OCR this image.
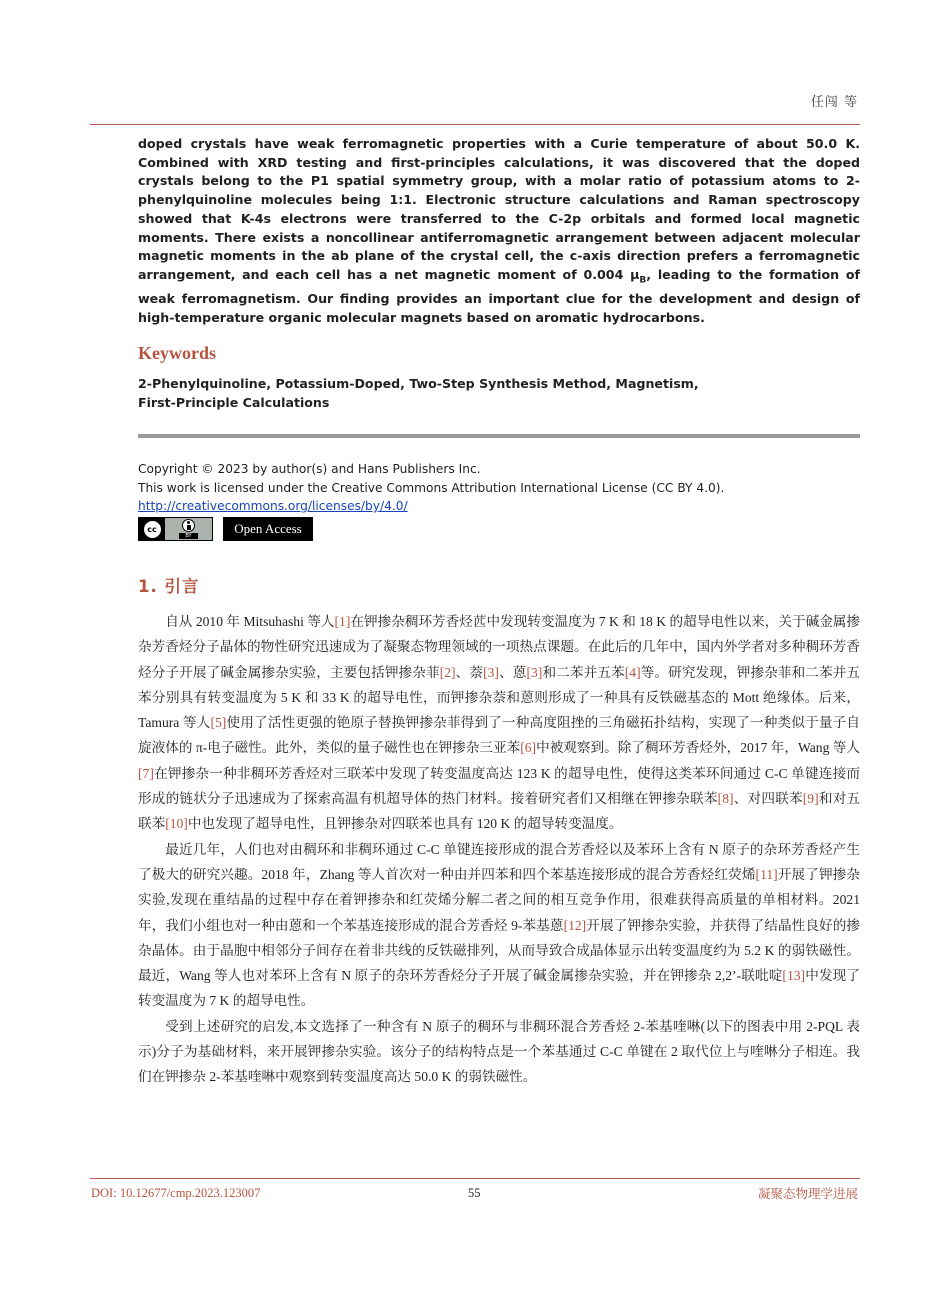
任闯 等
doped crystals have weak ferromagnetic properties with a Curie temperature of about 50.0 K. Combined with XRD testing and first-principles calculations, it was discovered that the doped crystals belong to the P1 spatial symmetry group, with a molar ratio of potassium atoms to 2-phenylquinoline molecules being 1:1. Electronic structure calculations and Raman spectroscopy showed that K-4s electrons were transferred to the C-2p orbitals and formed local magnetic moments. There exists a noncollinear antiferromagnetic arrangement between adjacent molecular magnetic moments in the ab plane of the crystal cell, the c-axis direction prefers a ferromagnetic arrangement, and each cell has a net magnetic moment of 0.004 $\mu_B$, leading to the formation of weak ferromagnetism. Our finding provides an important clue for the development and design of high-temperature organic molecular magnets based on aromatic hydrocarbons.
Keywords
2-Phenylquinoline, Potassium-Doped, Two-Step Synthesis Method, Magnetism,
First-Principle Calculations
Copyright © 2023 by author(s) and Hans Publishers Inc.
This work is licensed under the Creative Commons Attribution International License (CC BY 4.0).
http://creativecommons.org/licenses/by/4.0/
cc
BY	Open Access
1. 引言

自从 2010 年 Mitsuhashi 等人[1]在钾掺杂稠环芳香烃苉中发现转变温度为 7 K 和 18 K 的超导电性以来，关于碱金属掺杂芳香烃分子晶体的物性研究迅速成为了凝聚态物理领域的一项热点课题。在此后的几年中，国内外学者对多种稠环芳香烃分子开展了碱金属掺杂实验，主要包括钾掺杂菲[2]、萘[3]、蒽[3]和二苯并五苯[4]等。研究发现，钾掺杂菲和二苯并五苯分别具有转变温度为 5 K 和 33 K 的超导电性，而钾掺杂萘和蒽则形成了一种具有反铁磁基态的 Mott 绝缘体。后来，Tamura 等人[5]使用了活性更强的铯原子替换钾掺杂菲得到了一种高度阻挫的三角磁拓扑结构，实现了一种类似于量子自旋液体的 π-电子磁性。此外，类似的量子磁性也在钾掺杂三亚苯[6]中被观察到。除了稠环芳香烃外，2017 年，Wang 等人[7]在钾掺杂一种非稠环芳香烃对三联苯中发现了转变温度高达 123 K 的超导电性，使得这类苯环间通过 C-C 单键连接而形成的链状分子迅速成为了探索高温有机超导体的热门材料。接着研究者们又相继在钾掺杂联苯[8]、对四联苯[9]和对五联苯[10]中也发现了超导电性，且钾掺杂对四联苯也具有 120 K 的超导转变温度。

最近几年，人们也对由稠环和非稠环通过 C-C 单键连接形成的混合芳香烃以及苯环上含有 N 原子的杂环芳香烃产生了极大的研究兴趣。2018 年，Zhang 等人首次对一种由并四苯和四个苯基连接形成的混合芳香烃红荧烯[11]开展了钾掺杂实验,发现在重结晶的过程中存在着钾掺杂和红荧烯分解二者之间的相互竞争作用，很难获得高质量的单相材料。2021 年，我们小组也对一种由蒽和一个苯基连接形成的混合芳香烃 9-苯基蒽[12]开展了钾掺杂实验，并获得了结晶性良好的掺杂晶体。由于晶胞中相邻分子间存在着非共线的反铁磁排列，从而导致合成晶体显示出转变温度约为 5.2 K 的弱铁磁性。最近，Wang 等人也对苯环上含有 N 原子的杂环芳香烃分子开展了碱金属掺杂实验，并在钾掺杂 2,2’-联吡啶[13]中发现了转变温度为 7 K 的超导电性。

受到上述研究的启发,本文选择了一种含有 N 原子的稠环与非稠环混合芳香烃 2-苯基喹啉(以下的图表中用 2-PQL 表示)分子为基础材料，来开展钾掺杂实验。该分子的结构特点是一个苯基通过 C-C 单键在 2 取代位上与喹啉分子相连。我们在钾掺杂 2-苯基喹啉中观察到转变温度高达 50.0 K 的弱铁磁性。

DOI: 10.12677/cmp.2023.123007	55	凝聚态物理学进展
